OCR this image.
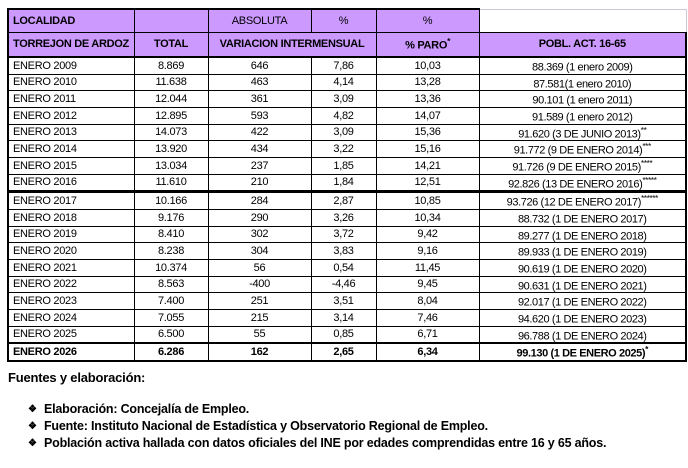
LOCALIDAD		ABSOLUTA	%	%	
TORREJON DE ARDOZ	TOTAL	VARIACION INTERMENSUAL		% PARO*	POBL. ACT. 16-65
ENERO 2009	8.869	646	7,86	10,03	88.369 (1 enero 2009)
ENERO 2010	11.638	463	4,14	13,28	87.581(1 enero 2010)
ENERO 2011	12.044	361	3,09	13,36	90.101 (1 enero 2011)
ENERO 2012	12.895	593	4,82	14,07	91.589 (1 enero 2012)
ENERO 2013	14.073	422	3,09	15,36	91.620 (3 DE JUNIO 2013)**
ENERO 2014	13.920	434	3,22	15,16	91.772 (9 DE ENERO 2014)***
ENERO 2015	13.034	237	1,85	14,21	91.726 (9 DE ENERO 2015)****
ENERO 2016	11.610	210	1,84	12,51	92.826 (13 DE ENERO 2016)*****
ENERO 2017	10.166	284	2,87	10,85	93.726 (12 DE ENERO 2017)******
ENERO 2018	9.176	290	3,26	10,34	88.732 (1 DE ENERO 2017)
ENERO 2019	8.410	302	3,72	9,42	89.277 (1 DE ENERO 2018)
ENERO 2020	8.238	304	3,83	9,16	89.933 (1 DE ENERO 2019)
ENERO 2021	10.374	56	0,54	11,45	90.619 (1 DE ENERO 2020)
ENERO 2022	8.563	-400	-4,46	9,45	90.631 (1 DE ENERO 2021)
ENERO 2023	7.400	251	3,51	8,04	92.017 (1 DE ENERO 2022)
ENERO 2024	7.055	215	3,14	7,46	94.620 (1 DE ENERO 2023)
ENERO 2025	6.500	55	0,85	6,71	96.788 (1 DE ENERO 2024)
ENERO 2026	6.286	162	2,65	6,34	99.130 (1 DE ENERO 2025)*
Fuentes y elaboración:
❖ Elaboración: Concejalía de Empleo.
❖ Fuente: Instituto Nacional de Estadística y Observatorio Regional de Empleo.
❖ Población activa hallada con datos oficiales del INE por edades comprendidas entre 16 y 65 años.
